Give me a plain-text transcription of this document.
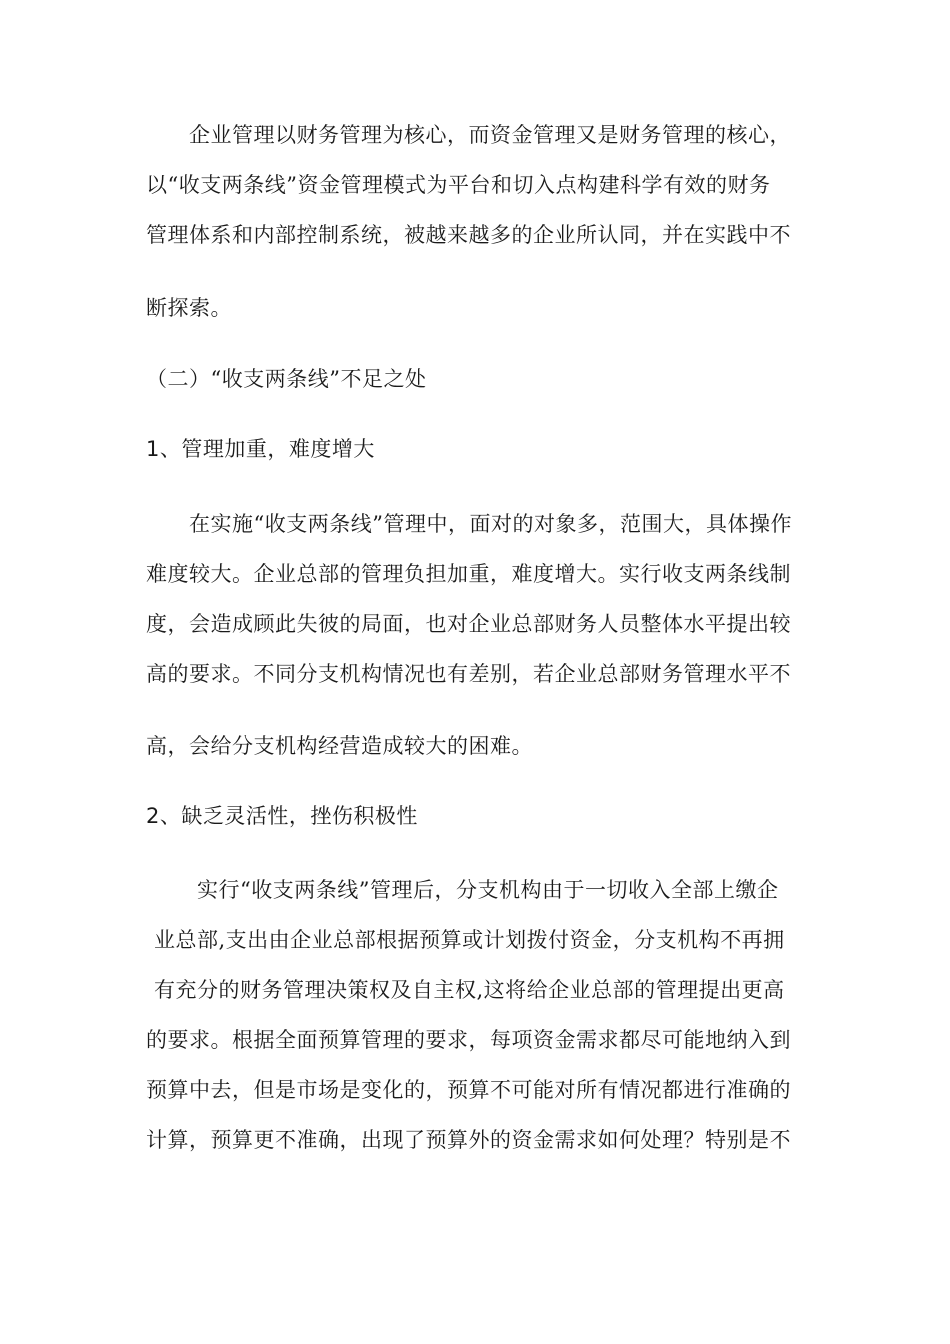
企业管理以财务管理为核心，而资金管理又是财务管理的核心，
以“收支两条线”资金管理模式为平台和切入点构建科学有效的财务
管理体系和内部控制系统，被越来越多的企业所认同，并在实践中不
断探索。
（二）“收支两条线”不足之处
1、管理加重，难度增大
在实施“收支两条线”管理中，面对的对象多，范围大，具体操作
难度较大。企业总部的管理负担加重，难度增大。实行收支两条线制
度，会造成顾此失彼的局面，也对企业总部财务人员整体水平提出较
高的要求。不同分支机构情况也有差别，若企业总部财务管理水平不
高，会给分支机构经营造成较大的困难。
2、缺乏灵活性，挫伤积极性
实行“收支两条线”管理后，分支机构由于一切收入全部上缴企
业总部,支出由企业总部根据预算或计划拨付资金，分支机构不再拥
有充分的财务管理决策权及自主权,这将给企业总部的管理提出更高
的要求。根据全面预算管理的要求，每项资金需求都尽可能地纳入到
预算中去，但是市场是变化的，预算不可能对所有情况都进行准确的
计算，预算更不准确，出现了预算外的资金需求如何处理？特别是不
